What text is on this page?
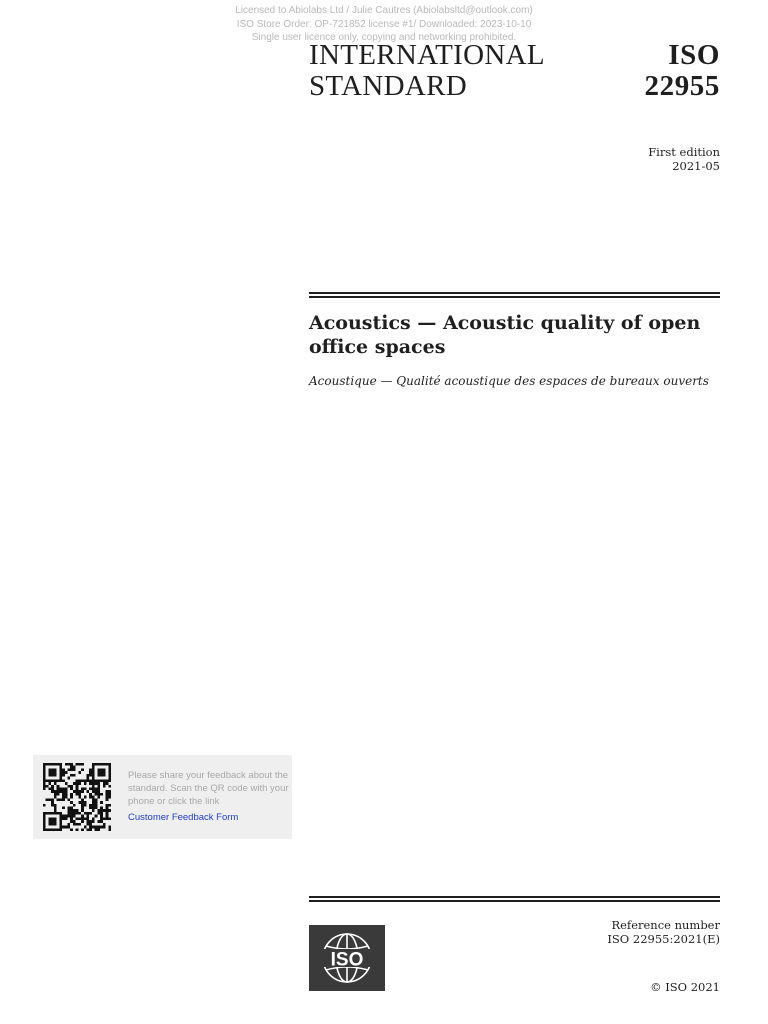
Licensed to Abiolabs Ltd / Julie Cautres (Abiolabsltd@outlook.com)
ISO Store Order: OP-721852 license #1/ Downloaded: 2023-10-10
Single user licence only, copying and networking prohibited.
INTERNATIONAL
STANDARD
ISO
22955
First edition
2021-05
Acoustics — Acoustic quality of open office spaces
Acoustique — Qualité acoustique des espaces de bureaux ouverts
Please share your feedback about the standard. Scan the QR code with your phone or click the link
Customer Feedback Form
ISO
Reference number
ISO 22955:2021(E)
© ISO 2021
